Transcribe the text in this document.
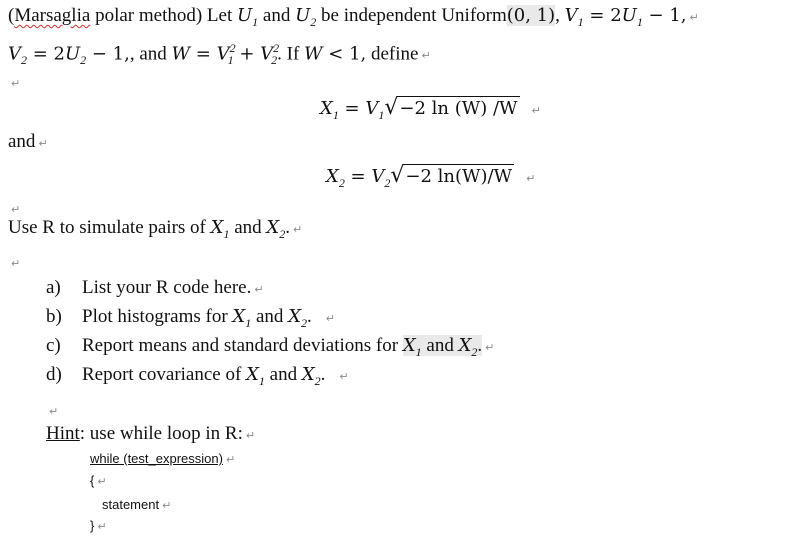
(Marsaglia polar method) Let $U_1$ and $U_2$ be independent Uniform(0, 1), $V_1 = 2U_1 - 1$, ↵
$V_2 = 2U_2 - 1$,, and $W = V^2_1 + V^2_2$. If W < 1, define ↵
↵
$X_1 = V_1√-2$ ln (W) /W ↵
and ↵
$X_2 = V_2√-2$ ln(W)/W ↵
↵
Use R to simulate pairs of $X_1$ and $X_2$. ↵
↵
a) List your R code here. ↵
b) Plot histograms for $X_1$ and $X_2$. ↵
c) Report means and standard deviations for $X_1$ and $X_2$. ↵
d) Report covariance of $X_1$ and $X_2$. ↵
↵
Hint: use while loop in R: ↵
while (test_expression) ↵
{ ↵
statement ↵
} ↵
